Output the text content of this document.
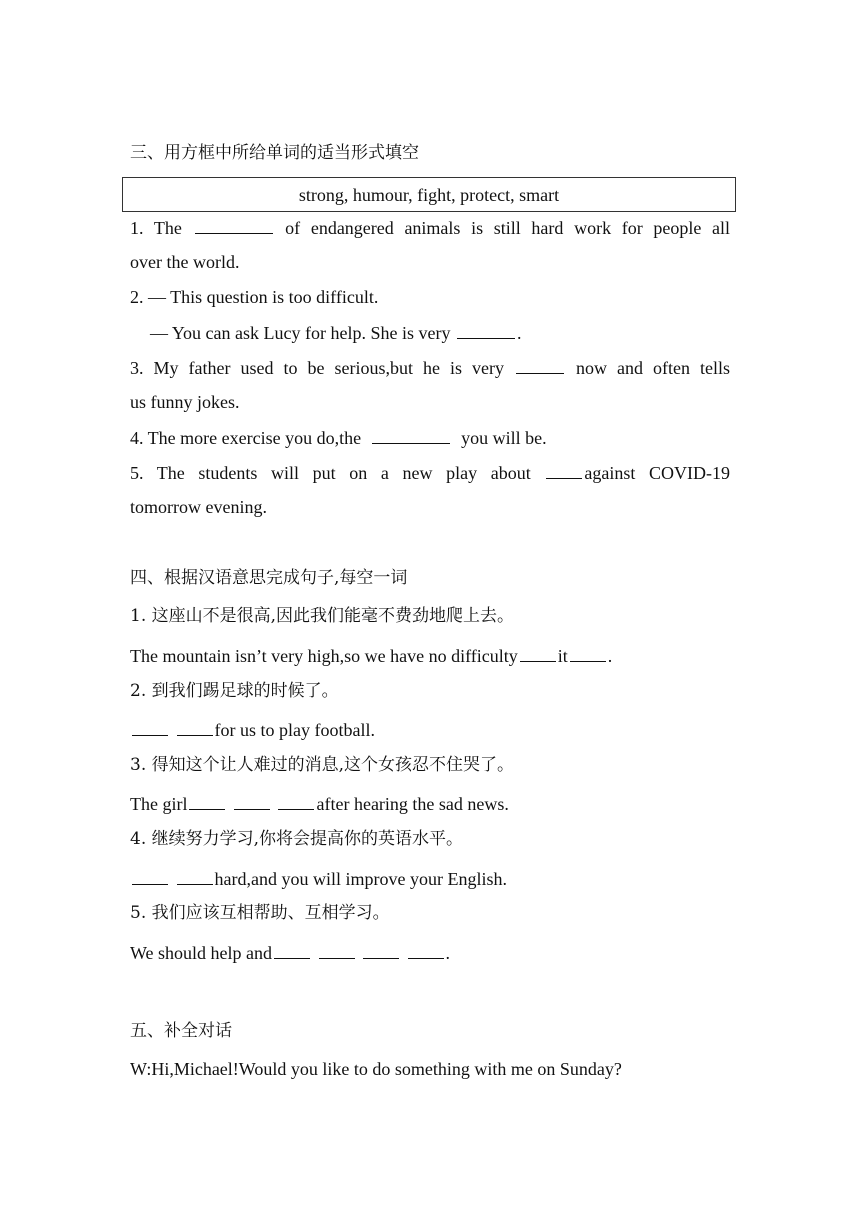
三、用方框中所给单词的适当形式填空
strong, humour, fight, protect, smart
1. The	of endangered animals is still hard work for people all
over the world.
2. — This question is too difficult.
— You can ask Lucy for help. She is very	.
3. My father used to be serious,but he is very	now and often tells
us funny jokes.
4. The more exercise you do,the	you will be.
5. The students will put on a new play about	against COVID-19
tomorrow evening.
四、根据汉语意思完成句子,每空一词
1. 这座山不是很高,因此我们能毫不费劲地爬上去。
The mountain isn’t very high,so we have no difficulty it .
2. 到我们踢足球的时候了。
for us to play football.
3. 得知这个让人难过的消息,这个女孩忍不住哭了。
The girl	after hearing the sad news.
4. 继续努力学习,你将会提高你的英语水平。
hard,and you will improve your English.
5. 我们应该互相帮助、互相学习。
We should help and	.
五、补全对话
W:Hi,Michael!Would you like to do something with me on Sunday?
